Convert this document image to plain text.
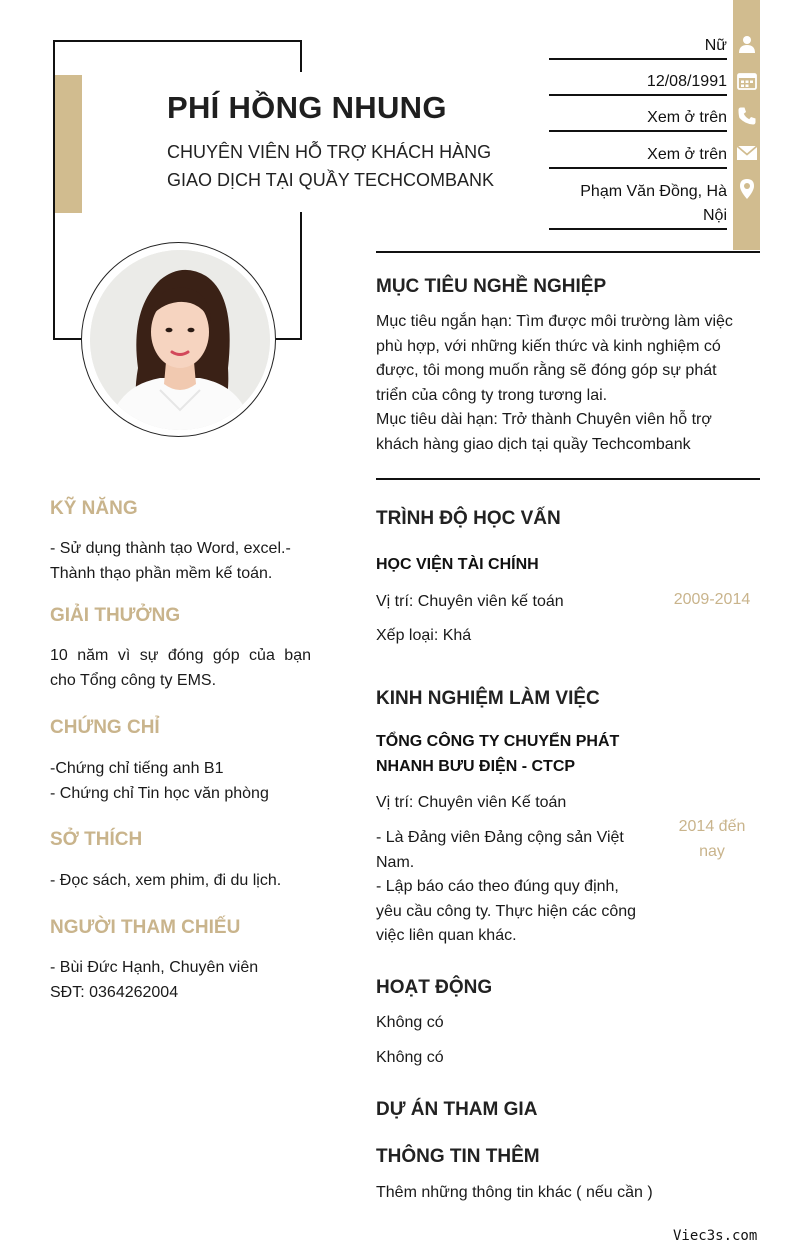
PHÍ HỒNG NHUNG
CHUYÊN VIÊN HỖ TRỢ KHÁCH HÀNG
GIAO DỊCH TẠI QUẦY TECHCOMBANK
Nữ
12/08/1991
Xem ở trên
Xem ở trên
Phạm Văn Đồng, Hà
Nội
MỤC TIÊU NGHỀ NGHIỆP
Mục tiêu ngắn hạn: Tìm được môi trường làm việc
phù hợp, với những kiến thức và kinh nghiệm có
được, tôi mong muốn rằng sẽ đóng góp sự phát
triển của công ty trong tương lai.
Mục tiêu dài hạn: Trở thành Chuyên viên hỗ trợ
khách hàng giao dịch tại quầy Techcombank
TRÌNH ĐỘ HỌC VẤN
HỌC VIỆN TÀI CHÍNH
Vị trí: Chuyên viên kế toán
Xếp loại: Khá
2009-2014
KINH NGHIỆM LÀM VIỆC
TỔNG CÔNG TY CHUYỂN PHÁT
NHANH BƯU ĐIỆN - CTCP
Vị trí: Chuyên viên Kế toán
- Là Đảng viên Đảng cộng sản Việt
Nam.
- Lập báo cáo theo đúng quy định,
yêu cầu công ty. Thực hiện các công
việc liên quan khác.
2014 đến
nay
HOẠT ĐỘNG
Không có
Không có
DỰ ÁN THAM GIA
THÔNG TIN THÊM
Thêm những thông tin khác ( nếu cần )
KỸ NĂNG
- Sử dụng thành tạo Word, excel.-
Thành thạo phần mềm kế toán.
GIẢI THƯỞNG
10 năm vì sự đóng góp của bạn
cho Tổng công ty EMS.
CHỨNG CHỈ
-Chứng chỉ tiếng anh B1
- Chứng chỉ Tin học văn phòng
SỞ THÍCH
- Đọc sách, xem phim, đi du lịch.
NGƯỜI THAM CHIẾU
- Bùi Đức Hạnh, Chuyên viên
SĐT: 0364262004
Viec3s.com
